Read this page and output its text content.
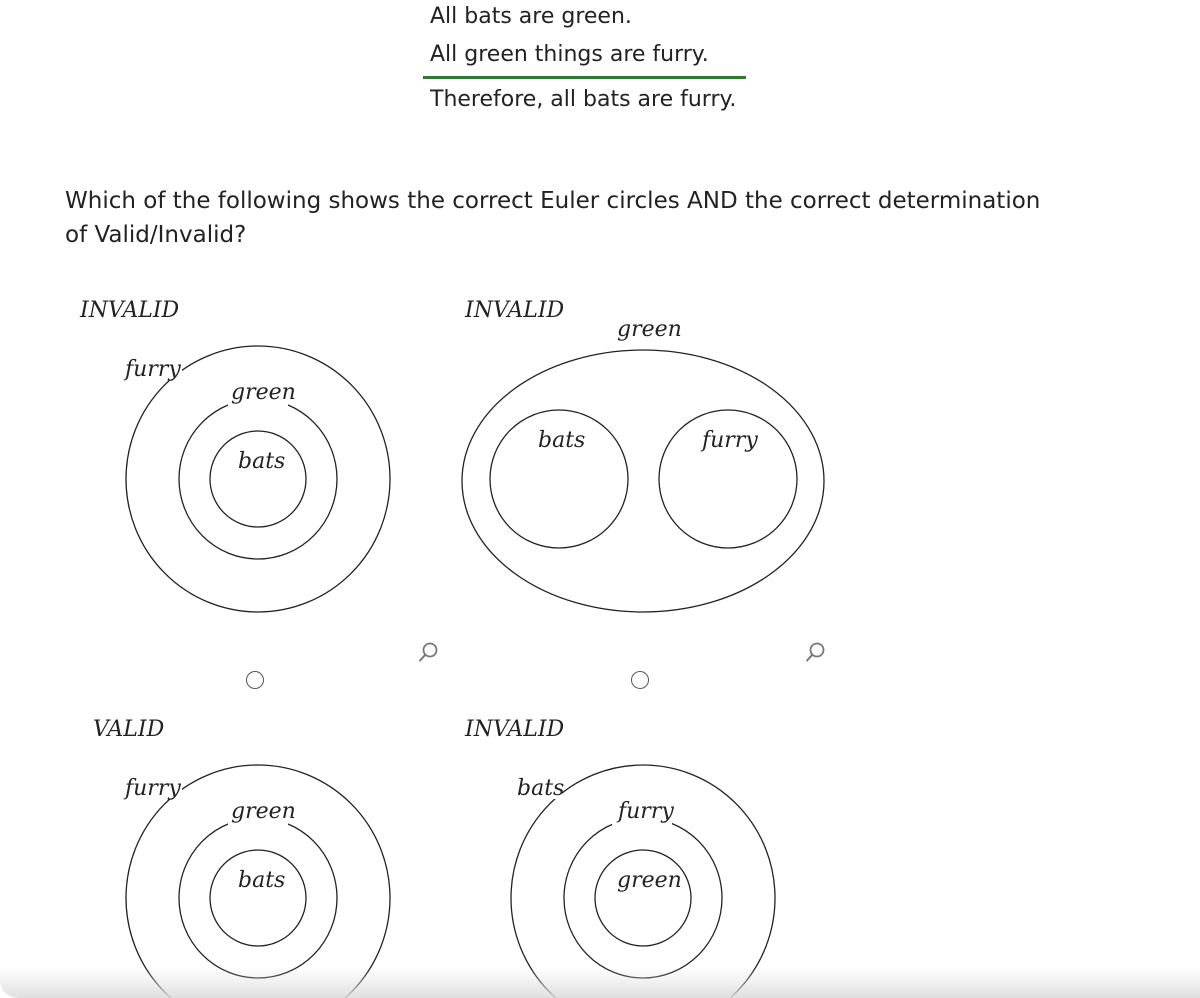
All bats are green.
All green things are furry.
Therefore, all bats are furry.
Which of the following shows the correct Euler circles AND the correct determination of Valid/Invalid?
INVALID
furry
green
bats
INVALID
green
bats	furry
VALID
furry
green
bats
INVALID
bats
furry
green
